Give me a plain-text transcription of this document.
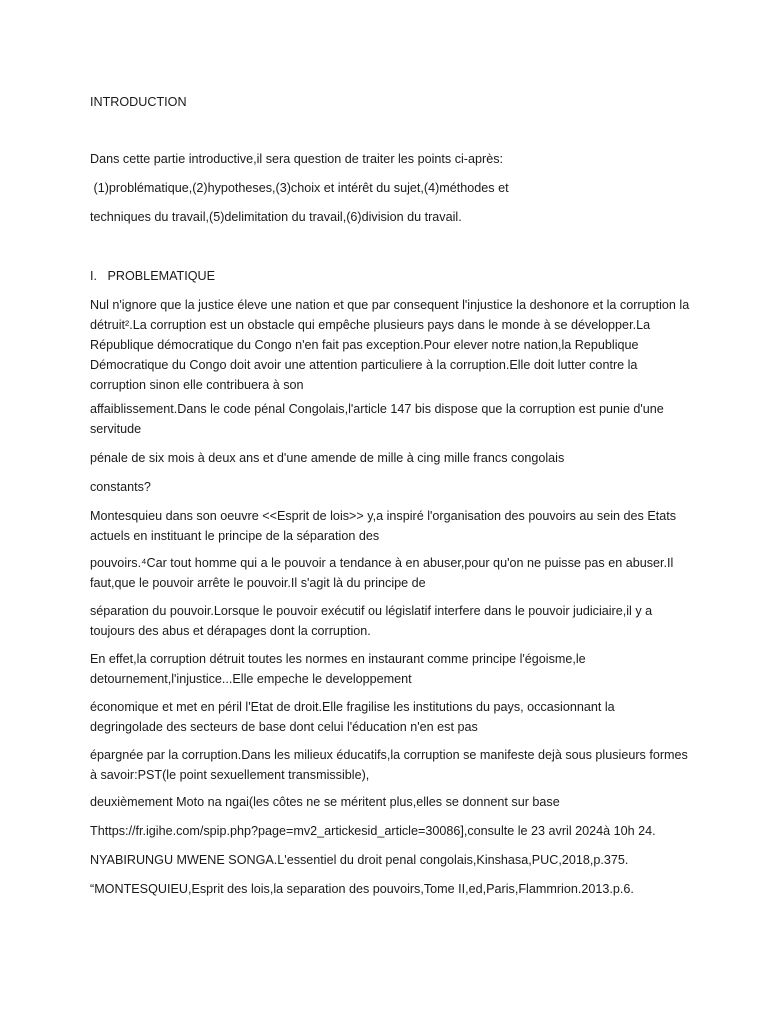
INTRODUCTION

Dans cette partie introductive,il sera question de traiter les points ci-après:

(1)problématique,(2)hypotheses,(3)choix et intérêt du sujet,(4)méthodes et

techniques du travail,(5)delimitation du travail,(6)division du travail.

I.   PROBLEMATIQUE

Nul n'ignore que la justice éleve une nation et que par consequent l'injustice la deshonore et la corruption la détruit².La corruption est un obstacle qui empêche plusieurs pays dans le monde à se développer.La République démocratique du Congo n'en fait pas exception.Pour elever notre nation,la Republique Démocratique du Congo doit avoir une attention particuliere à la corruption.Elle doit lutter contre la corruption sinon elle contribuera à son

affaiblissement.Dans le code pénal Congolais,l'article 147 bis dispose que la corruption est punie d'une servitude

pénale de six mois à deux ans et d'une amende de mille à cing mille francs congolais

constants?

Montesquieu dans son oeuvre <<Esprit de lois>> y,a inspiré l'organisation des pouvoirs au sein des Etats actuels en instituant le principe de la séparation des

pouvoirs.⁴Car tout homme qui a le pouvoir a tendance à en abuser,pour qu'on ne puisse pas en abuser.Il faut,que le pouvoir arrête le pouvoir.Il s'agit là du principe de

séparation du pouvoir.Lorsque le pouvoir exécutif ou législatif interfere dans le pouvoir judiciaire,il y a toujours des abus et dérapages dont la corruption.

En effet,la corruption détruit toutes les normes en instaurant comme principe l'égoisme,le detournement,l'injustice...Elle empeche le developpement

économique et met en péril l'Etat de droit.Elle fragilise les institutions du pays, occasionnant la degringolade des secteurs de base dont celui l'éducation n'en est pas

épargnée par la corruption.Dans les milieux éducatifs,la corruption se manifeste dejà sous plusieurs formes à savoir:PST(le point sexuellement transmissible),

deuxièmement Moto na ngai(les côtes ne se méritent plus,elles se donnent sur base

Thttps://fr.igihe.com/spip.php?page=mv2_artickesid_article=30086],consulte le 23 avril 2024à 10h 24.

NYABIRUNGU MWENE SONGA.L'essentiel du droit penal congolais,Kinshasa,PUC,2018,p.375.

“MONTESQUIEU,Esprit des lois,la separation des pouvoirs,Tome II,ed,Paris,Flammrion.2013.p.6.
